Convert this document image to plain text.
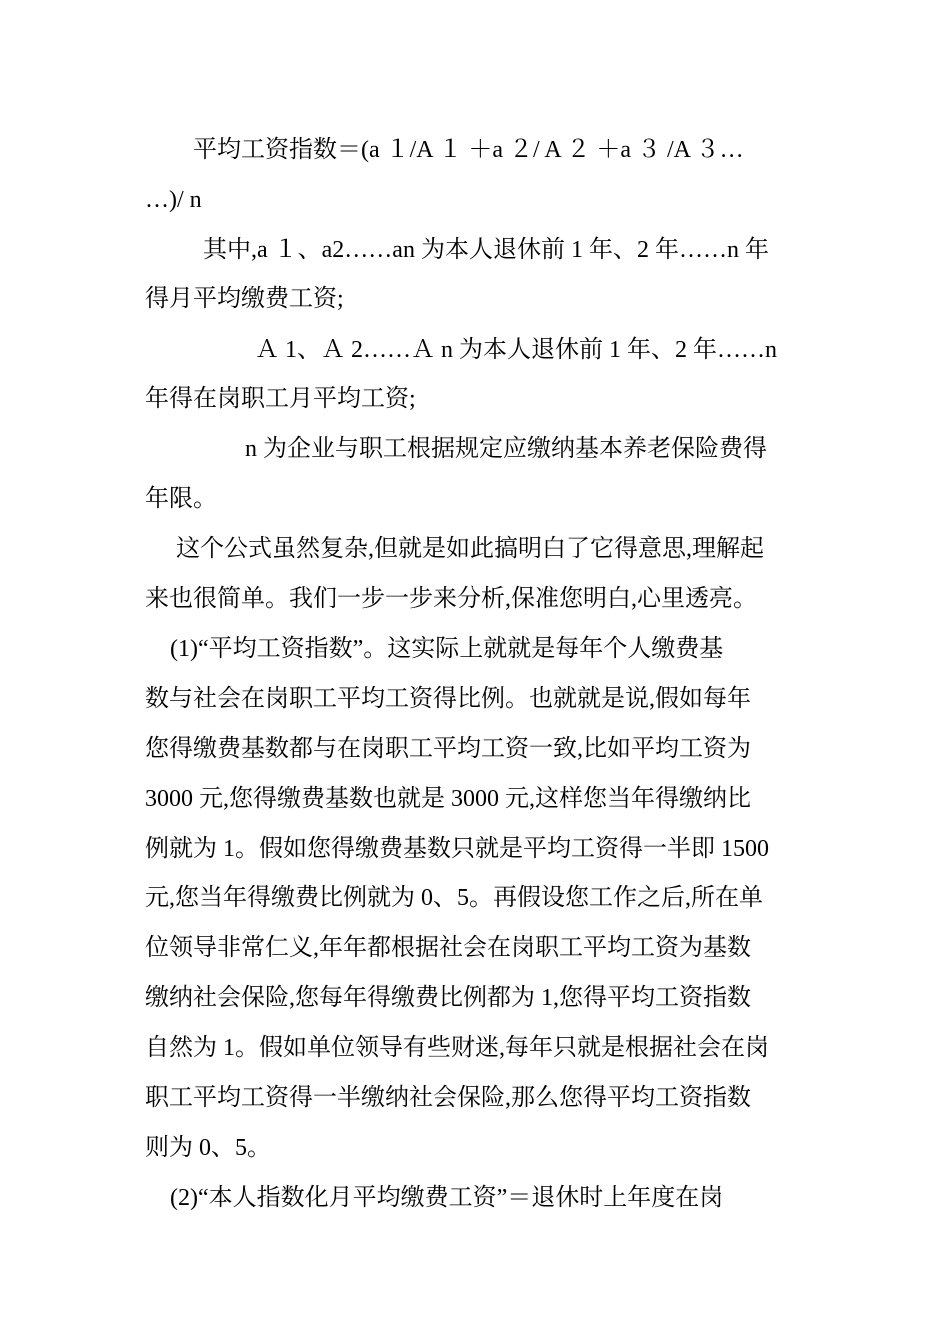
平均工资指数＝(a １/A １ ＋a ２/ A ２ ＋a ３ /A ３…
…)/ n
其中,a １、a2……an 为本人退休前 1 年、2 年……n 年
得月平均缴费工资;
Ａ 1、Ａ 2……Ａ n 为本人退休前 1 年、2 年……n
年得在岗职工月平均工资;
n 为企业与职工根据规定应缴纳基本养老保险费得
年限。
这个公式虽然复杂,但就是如此搞明白了它得意思,理解起
来也很简单。我们一步一步来分析,保准您明白,心里透亮。
(1)“平均工资指数”。这实际上就就是每年个人缴费基
数与社会在岗职工平均工资得比例。也就就是说,假如每年
您得缴费基数都与在岗职工平均工资一致,比如平均工资为
3000 元,您得缴费基数也就是 3000 元,这样您当年得缴纳比
例就为 1。假如您得缴费基数只就是平均工资得一半即 1500
元,您当年得缴费比例就为 0、5。再假设您工作之后,所在单
位领导非常仁义,年年都根据社会在岗职工平均工资为基数
缴纳社会保险,您每年得缴费比例都为 1,您得平均工资指数
自然为 1。假如单位领导有些财迷,每年只就是根据社会在岗
职工平均工资得一半缴纳社会保险,那么您得平均工资指数
则为 0、5。
(2)“本人指数化月平均缴费工资”＝退休时上年度在岗
